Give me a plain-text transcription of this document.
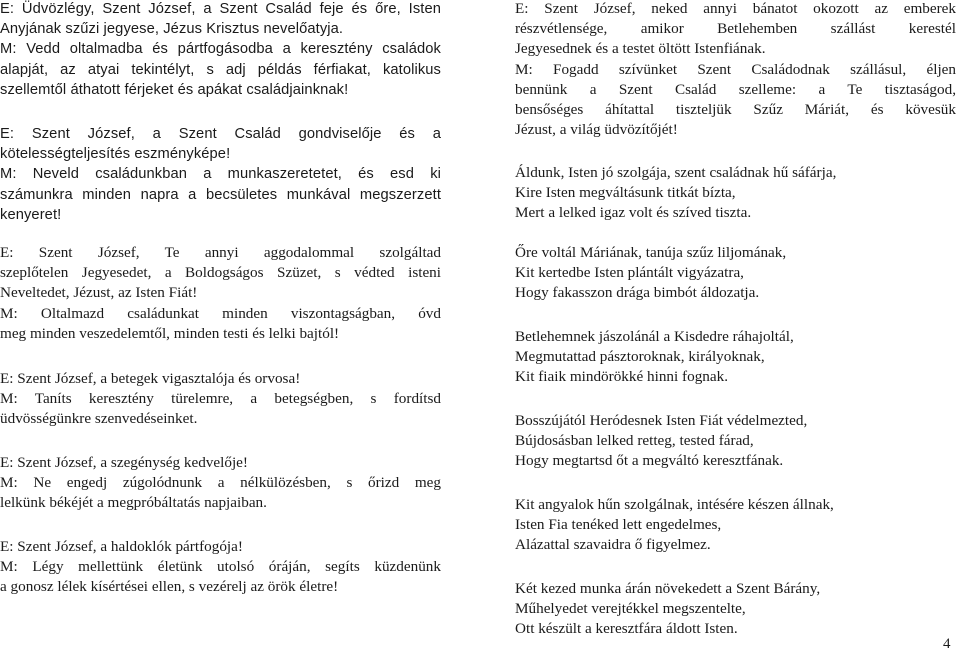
E: Üdvözlégy, Szent József, a Szent Család feje és őre, Isten
Anyjának szűzi jegyese, Jézus Krisztus nevelőatyja.
M: Vedd oltalmadba és pártfogásodba a keresztény családok
alapját, az atyai tekintélyt, s adj példás férfiakat, katolikus
szellemtől áthatott férjeket és apákat családjainknak!
E: Szent József, a Szent Család gondviselője és a
kötelességteljesítés eszményképe!
M: Neveld családunkban a munkaszeretetet, és esd ki
számunkra minden napra a becsületes munkával megszerzett
kenyeret!
E: Szent József, Te annyi aggodalommal szolgáltad
szeplőtelen Jegyesedet, a Boldogságos Szüzet, s védted isteni
Neveltedet, Jézust, az Isten Fiát!
M: Oltalmazd családunkat minden viszontagságban, óvd
meg minden veszedelemtől, minden testi és lelki bajtól!
E: Szent József, a betegek vigasztalója és orvosa!
M: Taníts keresztény türelemre, a betegségben, s fordítsd
üdvösségünkre szenvedéseinket.
E: Szent József, a szegénység kedvelője!
M: Ne engedj zúgolódnunk a nélkülözésben, s őrizd meg
lelkünk békéjét a megpróbáltatás napjaiban.
E: Szent József, a haldoklók pártfogója!
M: Légy mellettünk életünk utolsó óráján, segíts küzdenünk
a gonosz lélek kísértései ellen, s vezérelj az örök életre!
E: Szent József, neked annyi bánatot okozott az emberek
részvétlensége, amikor Betlehemben szállást kerestél
Jegyesednek és a testet öltött Istenfiának.
M: Fogadd szívünket Szent Családodnak szállásul, éljen
bennünk a Szent Család szelleme: a Te tisztaságod,
bensőséges áhítattal tiszteljük Szűz Máriát, és kövesük
Jézust, a világ üdvözítőjét!
Áldunk, Isten jó szolgája, szent családnak hű sáfárja,
Kire Isten megváltásunk titkát bízta,
Mert a lelked igaz volt és szíved tiszta.
Őre voltál Máriának, tanúja szűz liljomának,
Kit kertedbe Isten plántált vigyázatra,
Hogy fakasszon drága bimbót áldozatja.
Betlehemnek jászolánál a Kisdedre ráhajoltál,
Megmutattad pásztoroknak, királyoknak,
Kit fiaik mindörökké hinni fognak.
Bosszújától Heródesnek Isten Fiát védelmezted,
Bújdosásban lelked retteg, tested fárad,
Hogy megtartsd őt a megváltó keresztfának.
Kit angyalok hűn szolgálnak, intésére készen állnak,
Isten Fia tenéked lett engedelmes,
Alázattal szavaidra ő figyelmez.
Két kezed munka árán növekedett a Szent Bárány,
Műhelyedet verejtékkel megszentelte,
Ott készült a keresztfára áldott Isten.
4
